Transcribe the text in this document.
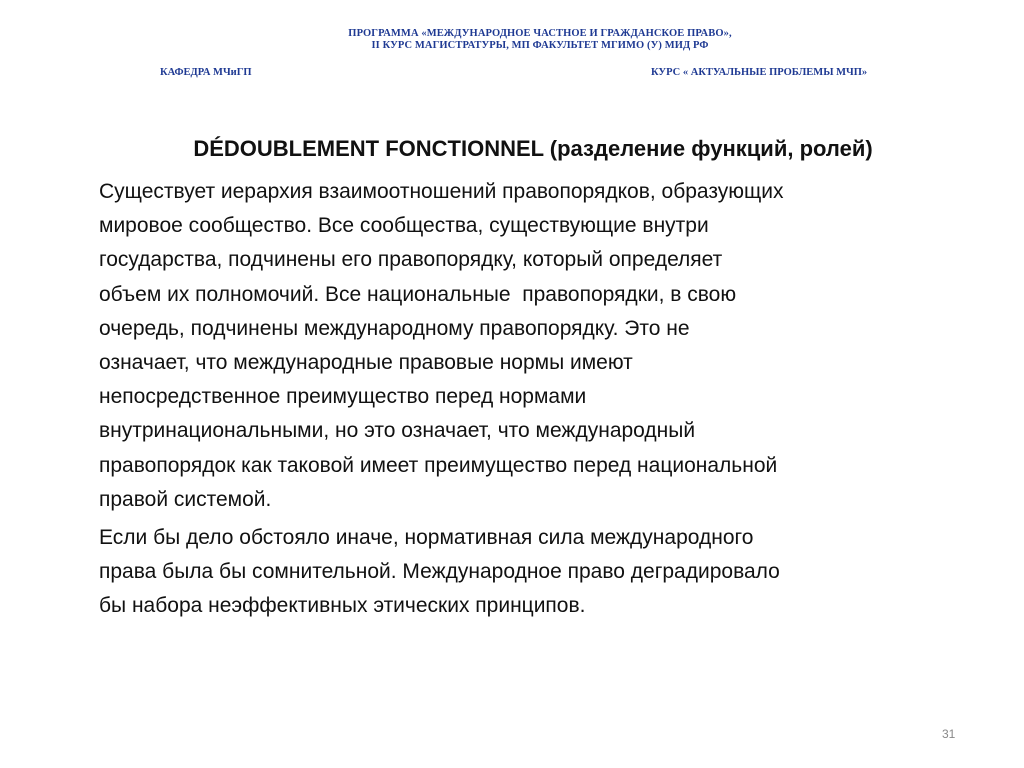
ПРОГРАММА «МЕЖДУНАРОДНОЕ ЧАСТНОЕ И ГРАЖДАНСКОЕ ПРАВО»,
II КУРС МАГИСТРАТУРЫ, МП ФАКУЛЬТЕТ МГИМО (У) МИД РФ
КАФЕДРА МЧиГП	КУРС « АКТУАЛЬНЫЕ ПРОБЛЕМЫ МЧП»
DÉDOUBLEMENT FONCTIONNEL (разделение функций, ролей)
Существует иерархия взаимоотношений правопорядков, образующих
мировое сообщество. Все сообщества, существующие внутри
государства, подчинены его правопорядку, который определяет
объем их полномочий. Все национальные  правопорядки, в свою
очередь, подчинены международному правопорядку. Это не
означает, что международные правовые нормы имеют
непосредственное преимущество перед нормами
внутринациональными, но это означает, что международный
правопорядок как таковой имеет преимущество перед национальной
правой системой.
Если бы дело обстояло иначе, нормативная сила международного
права была бы сомнительной. Международное право деградировало
бы набора неэффективных этических принципов.
31
